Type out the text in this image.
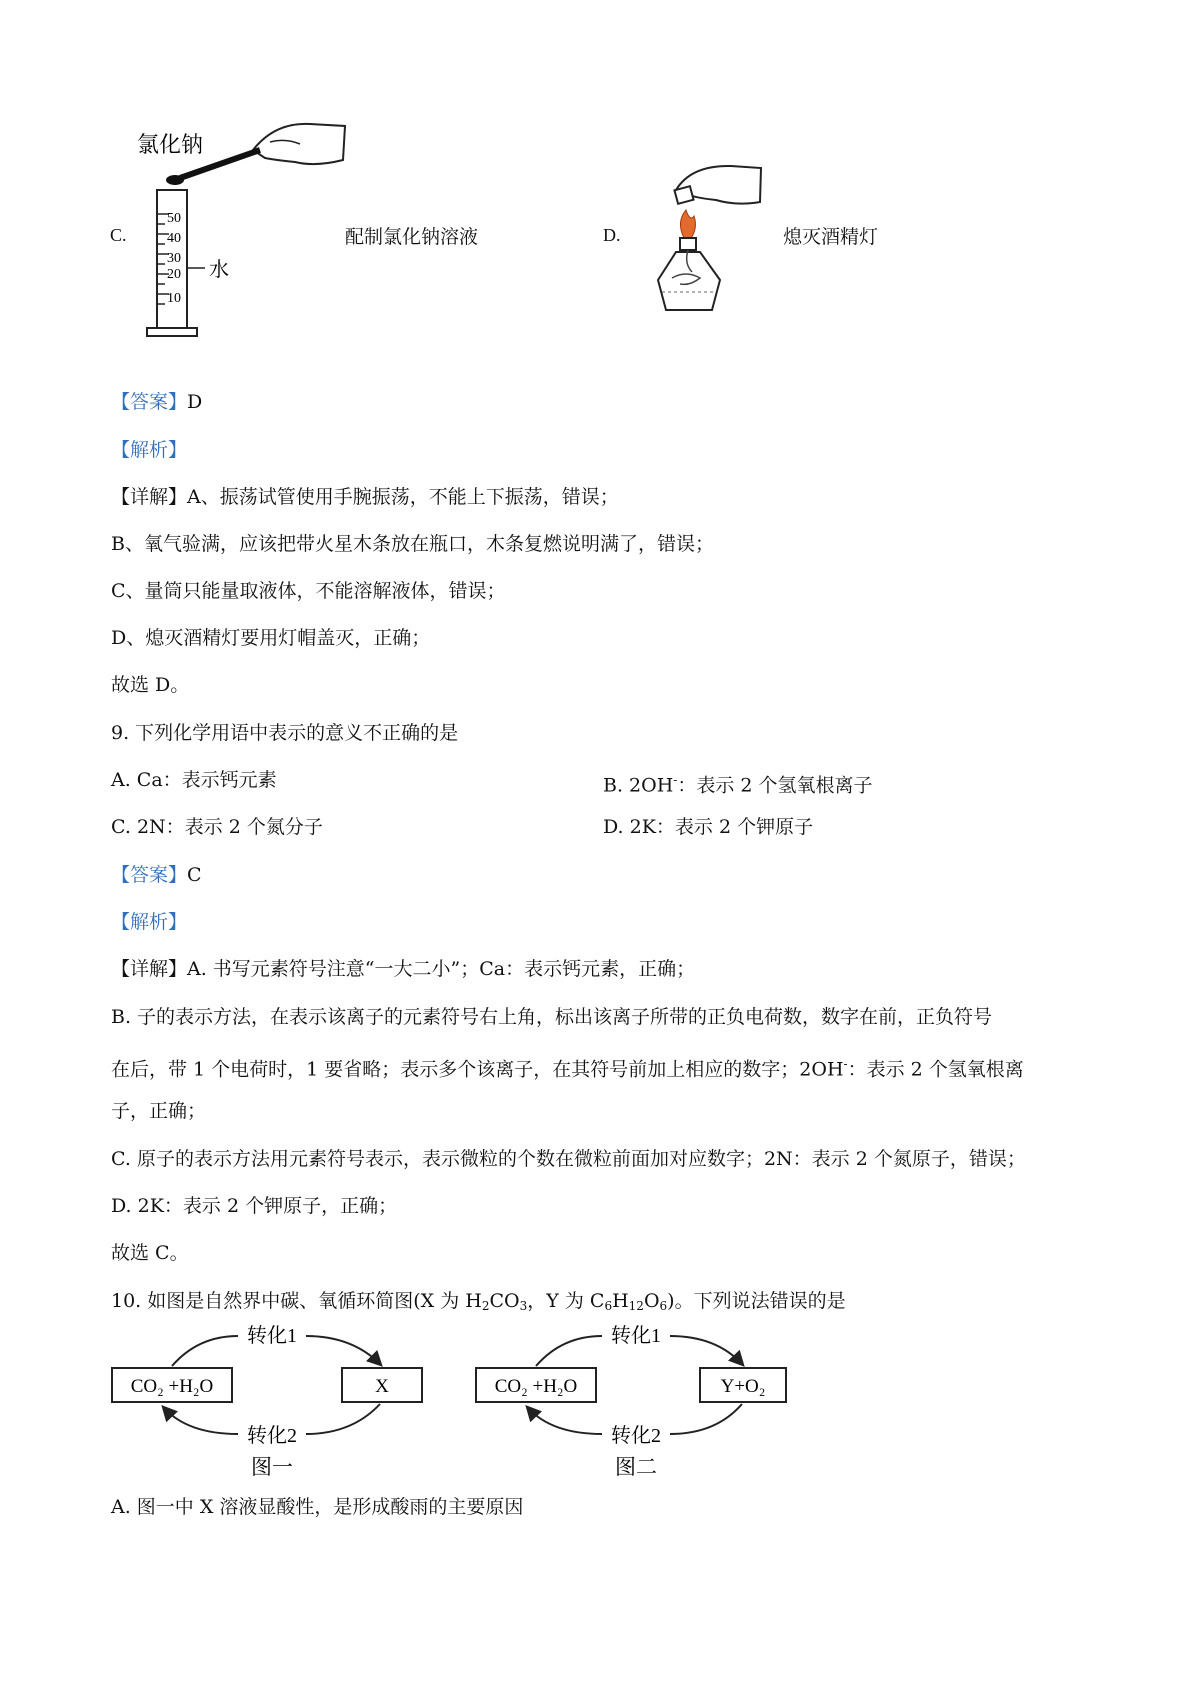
氯化钠
50
40
30
20
10
水
C.	配制氯化钠溶液	D.	熄灭酒精灯
【答案】D
【解析】
【详解】A、振荡试管使用手腕振荡，不能上下振荡，错误；
B、氧气验满，应该把带火星木条放在瓶口，木条复燃说明满了，错误；
C、量筒只能量取液体，不能溶解液体，错误；
D、熄灭酒精灯要用灯帽盖灭，正确；
故选 D。
9. 下列化学用语中表示的意义不正确的是
A. Ca：表示钙元素	B. 2OH-：表示 2 个氢氧根离子
C. 2N：表示 2 个氮分子	D. 2K：表示 2 个钾原子
【答案】C
【解析】
【详解】A. 书写元素符号注意“一大二小”；Ca：表示钙元素，正确；
B. 子的表示方法，在表示该离子的元素符号右上角，标出该离子所带的正负电荷数，数字在前，正负符号
在后，带 1 个电荷时，1 要省略；表示多个该离子，在其符号前加上相应的数字；2OH-：表示 2 个氢氧根离
子，正确；
C. 原子的表示方法用元素符号表示，表示微粒的个数在微粒前面加对应数字；2N：表示 2 个氮原子，错误；
D. 2K：表示 2 个钾原子，正确；
故选 C。
10. 如图是自然界中碳、氧循环简图(X 为 $H_2CO_3$，Y 为 $C_6H_{12}O_6$)。下列说法错误的是
CO₂ +H₂O	X
转化1
转化2
图一
CO₂ +H₂O	Y+O₂
转化1
转化2
图二
A. 图一中 X 溶液显酸性，是形成酸雨的主要原因
